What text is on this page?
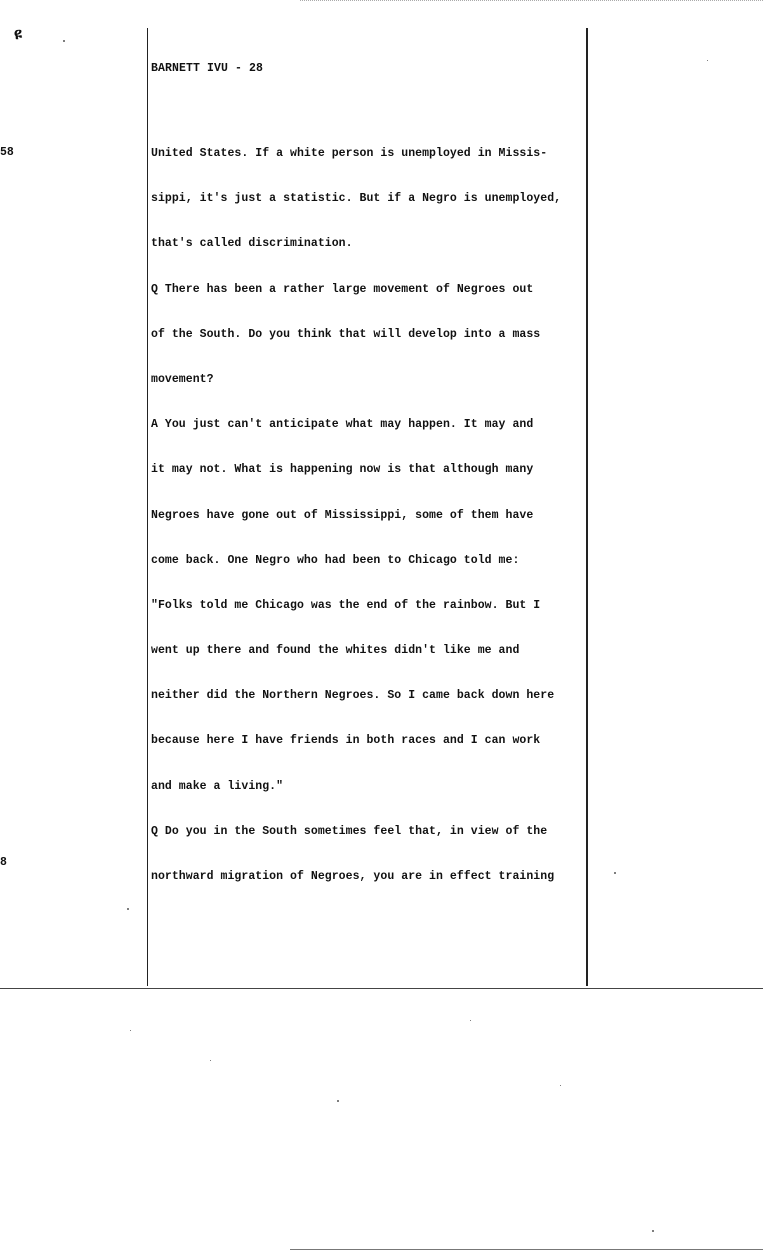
ዩ
58
8
BARNETT IVU - 28
United States. If a white person is unemployed in Missis-
sippi, it's just a statistic. But if a Negro is unemployed,
that's called discrimination.
Q There has been a rather large movement of Negroes out
of the South. Do you think that will develop into a mass
movement?
A You just can't anticipate what may happen. It may and
it may not. What is happening now is that although many
Negroes have gone out of Mississippi, some of them have
come back. One Negro who had been to Chicago told me:
"Folks told me Chicago was the end of the rainbow. But I
went up there and found the whites didn't like me and
neither did the Northern Negroes. So I came back down here
because here I have friends in both races and I can work
and make a living."
Q Do you in the South sometimes feel that, in view of the
northward migration of Negroes, you are in effect training
